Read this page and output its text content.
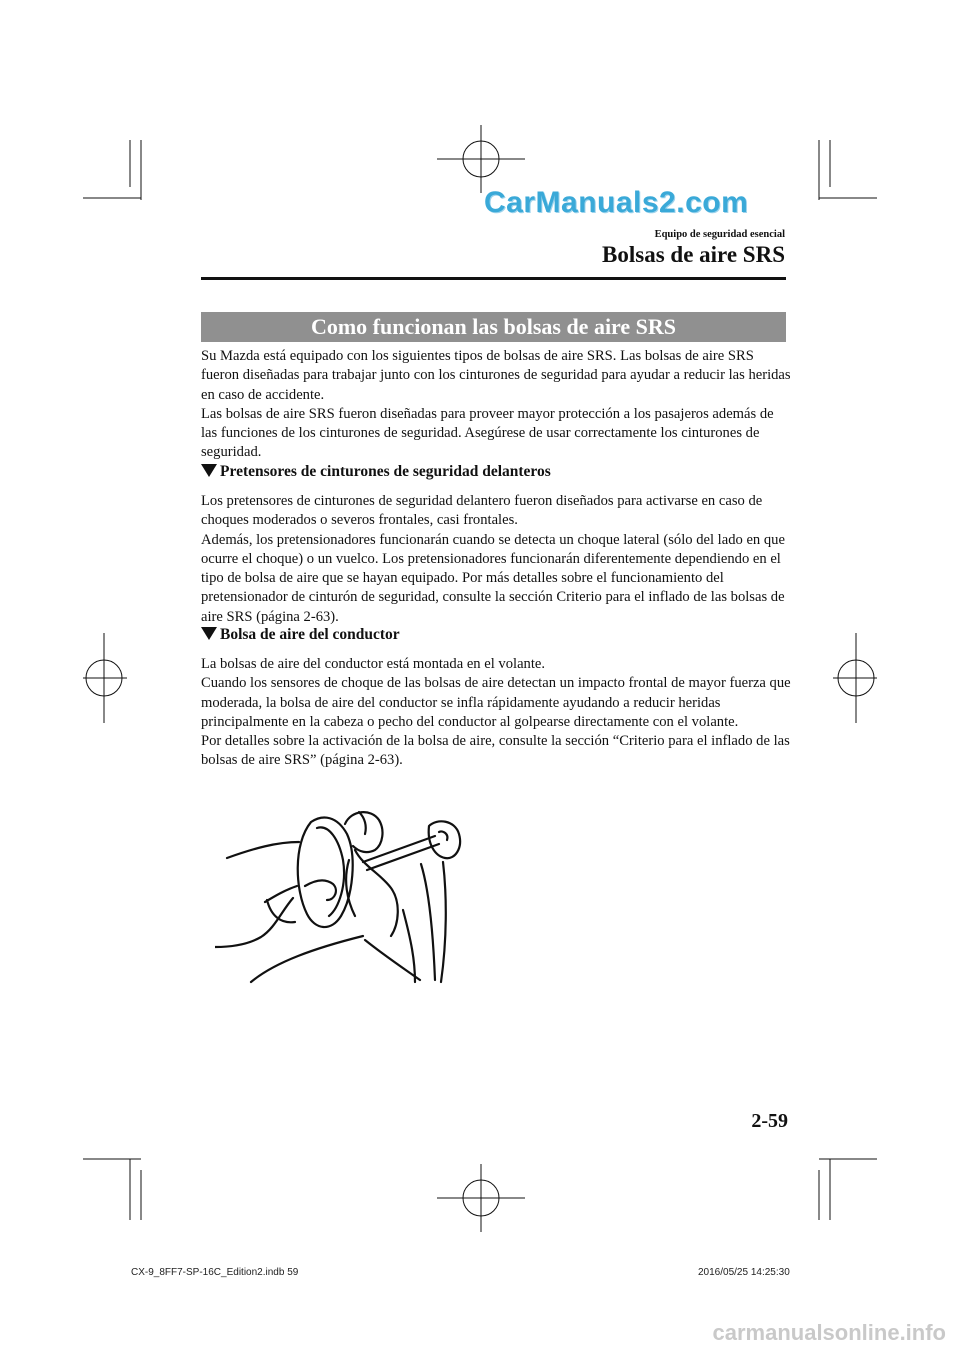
CarManuals2.com
Equipo de seguridad esencial
Bolsas de aire SRS
Como funcionan las bolsas de aire SRS

Su Mazda está equipado con los siguientes tipos de bolsas de aire SRS. Las bolsas de aire SRS fueron diseñadas para trabajar junto con los cinturones de seguridad para ayudar a reducir las heridas en caso de accidente.

Las bolsas de aire SRS fueron diseñadas para proveer mayor protección a los pasajeros además de las funciones de los cinturones de seguridad. Asegúrese de usar correctamente los cinturones de seguridad.

Pretensores de cinturones de seguridad delanteros

Los pretensores de cinturones de seguridad delantero fueron diseñados para activarse en caso de choques moderados o severos frontales, casi frontales.

Además, los pretensionadores funcionarán cuando se detecta un choque lateral (sólo del lado en que ocurre el choque) o un vuelco. Los pretensionadores funcionarán diferentemente dependiendo en el tipo de bolsa de aire que se hayan equipado. Por más detalles sobre el funcionamiento del pretensionador de cinturón de seguridad, consulte la sección Criterio para el inflado de las bolsas de aire SRS (página 2-63).

Bolsa de aire del conductor

La bolsas de aire del conductor está montada en el volante.

Cuando los sensores de choque de las bolsas de aire detectan un impacto frontal de mayor fuerza que moderada, la bolsa de aire del conductor se infla rápidamente ayudando a reducir heridas principalmente en la cabeza o pecho del conductor al golpearse directamente con el volante.

Por detalles sobre la activación de la bolsa de aire, consulte la sección “Criterio para el inflado de las bolsas de aire SRS” (página 2-63).

2-59
CX-9_8FF7-SP-16C_Edition2.indb 59	2016/05/25 14:25:30
carmanualsonline.info
